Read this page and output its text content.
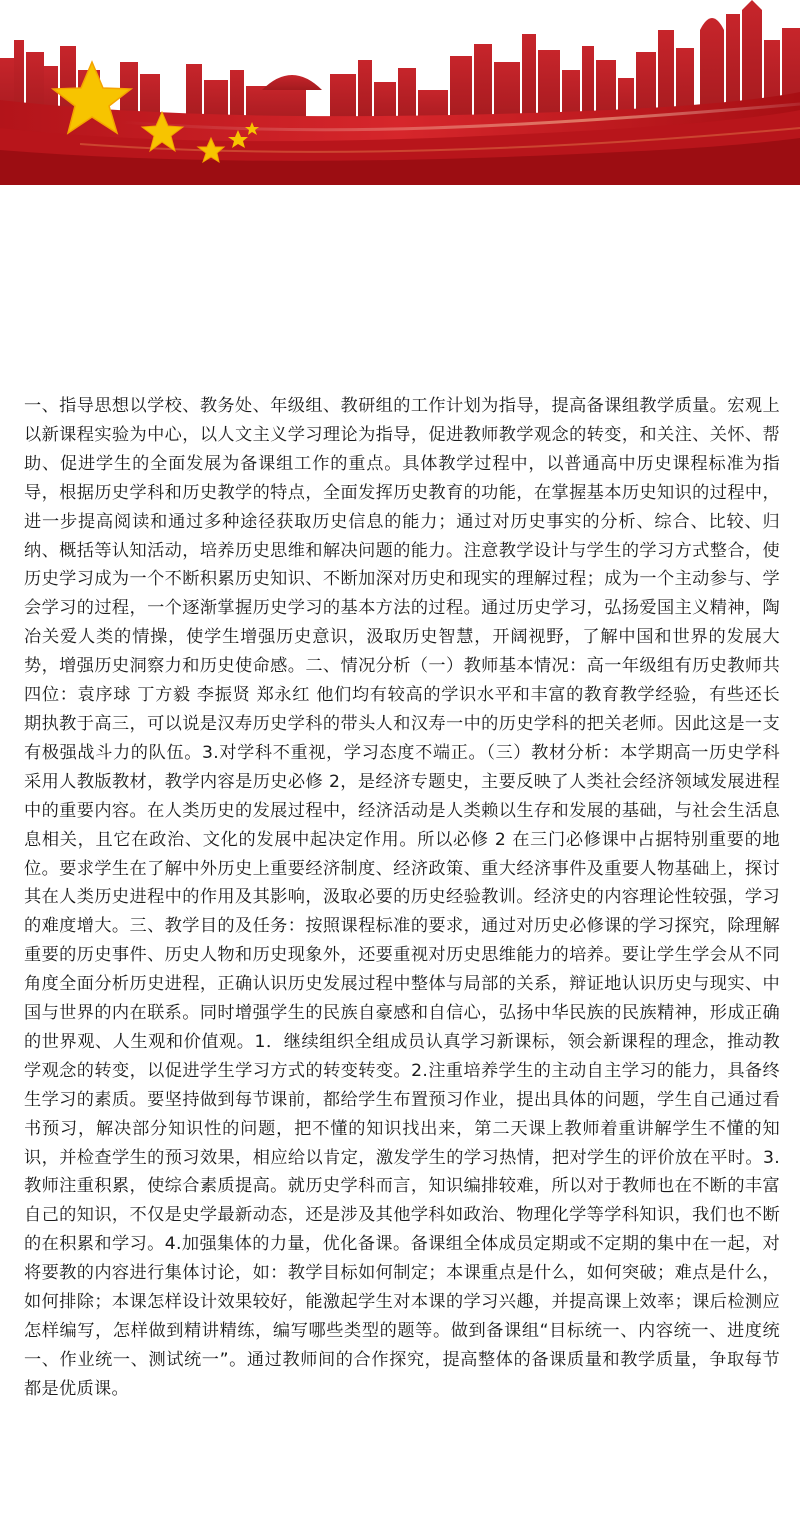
一、指导思想以学校、教务处、年级组、教研组的工作计划为指导，提高备课组教学质量。宏观上以新课程实验为中心，以人文主义学习理论为指导，促进教师教学观念的转变，和关注、关怀、帮助、促进学生的全面发展为备课组工作的重点。具体教学过程中，以普通高中历史课程标准为指导，根据历史学科和历史教学的特点，全面发挥历史教育的功能，在掌握基本历史知识的过程中，进一步提高阅读和通过多种途径获取历史信息的能力；通过对历史事实的分析、综合、比较、归纳、概括等认知活动，培养历史思维和解决问题的能力。注意教学设计与学生的学习方式整合，使历史学习成为一个不断积累历史知识、不断加深对历史和现实的理解过程；成为一个主动参与、学会学习的过程，一个逐渐掌握历史学习的基本方法的过程。通过历史学习，弘扬爱国主义精神，陶冶关爱人类的情操，使学生增强历史意识，汲取历史智慧，开阔视野，了解中国和世界的发展大势，增强历史洞察力和历史使命感。二、情况分析（一）教师基本情况：高一年级组有历史教师共四位：袁序球 丁方毅 李振贤 郑永红 他们均有较高的学识水平和丰富的教育教学经验，有些还长期执教于高三，可以说是汉寿历史学科的带头人和汉寿一中的历史学科的把关老师。因此这是一支有极强战斗力的队伍。3.对学科不重视，学习态度不端正。（三）教材分析：本学期高一历史学科采用人教版教材，教学内容是历史必修 2，是经济专题史，主要反映了人类社会经济领域发展进程中的重要内容。在人类历史的发展过程中，经济活动是人类赖以生存和发展的基础，与社会生活息息相关，且它在政治、文化的发展中起决定作用。所以必修 2 在三门必修课中占据特别重要的地位。要求学生在了解中外历史上重要经济制度、经济政策、重大经济事件及重要人物基础上，探讨其在人类历史进程中的作用及其影响，汲取必要的历史经验教训。经济史的内容理论性较强，学习的难度增大。三、教学目的及任务：按照课程标准的要求，通过对历史必修课的学习探究，除理解重要的历史事件、历史人物和历史现象外，还要重视对历史思维能力的培养。要让学生学会从不同角度全面分析历史进程，正确认识历史发展过程中整体与局部的关系，辩证地认识历史与现实、中国与世界的内在联系。同时增强学生的民族自豪感和自信心，弘扬中华民族的民族精神，形成正确的世界观、人生观和价值观。1．继续组织全组成员认真学习新课标，领会新课程的理念，推动教学观念的转变，以促进学生学习方式的转变转变。2.注重培养学生的主动自主学习的能力，具备终生学习的素质。要坚持做到每节课前，都给学生布置预习作业，提出具体的问题，学生自己通过看书预习，解决部分知识性的问题，把不懂的知识找出来，第二天课上教师着重讲解学生不懂的知识，并检查学生的预习效果，相应给以肯定，激发学生的学习热情，把对学生的评价放在平时。3.教师注重积累，使综合素质提高。就历史学科而言，知识编排较难，所以对于教师也在不断的丰富自己的知识，不仅是史学最新动态，还是涉及其他学科如政治、物理化学等学科知识，我们也不断的在积累和学习。4.加强集体的力量，优化备课。备课组全体成员定期或不定期的集中在一起，对将要教的内容进行集体讨论，如：教学目标如何制定；本课重点是什么，如何突破；难点是什么，如何排除；本课怎样设计效果较好，能激起学生对本课的学习兴趣，并提高课上效率；课后检测应怎样编写，怎样做到精讲精练，编写哪些类型的题等。做到备课组“目标统一、内容统一、进度统一、作业统一、测试统一”。通过教师间的合作探究，提高整体的备课质量和教学质量，争取每节都是优质课。
